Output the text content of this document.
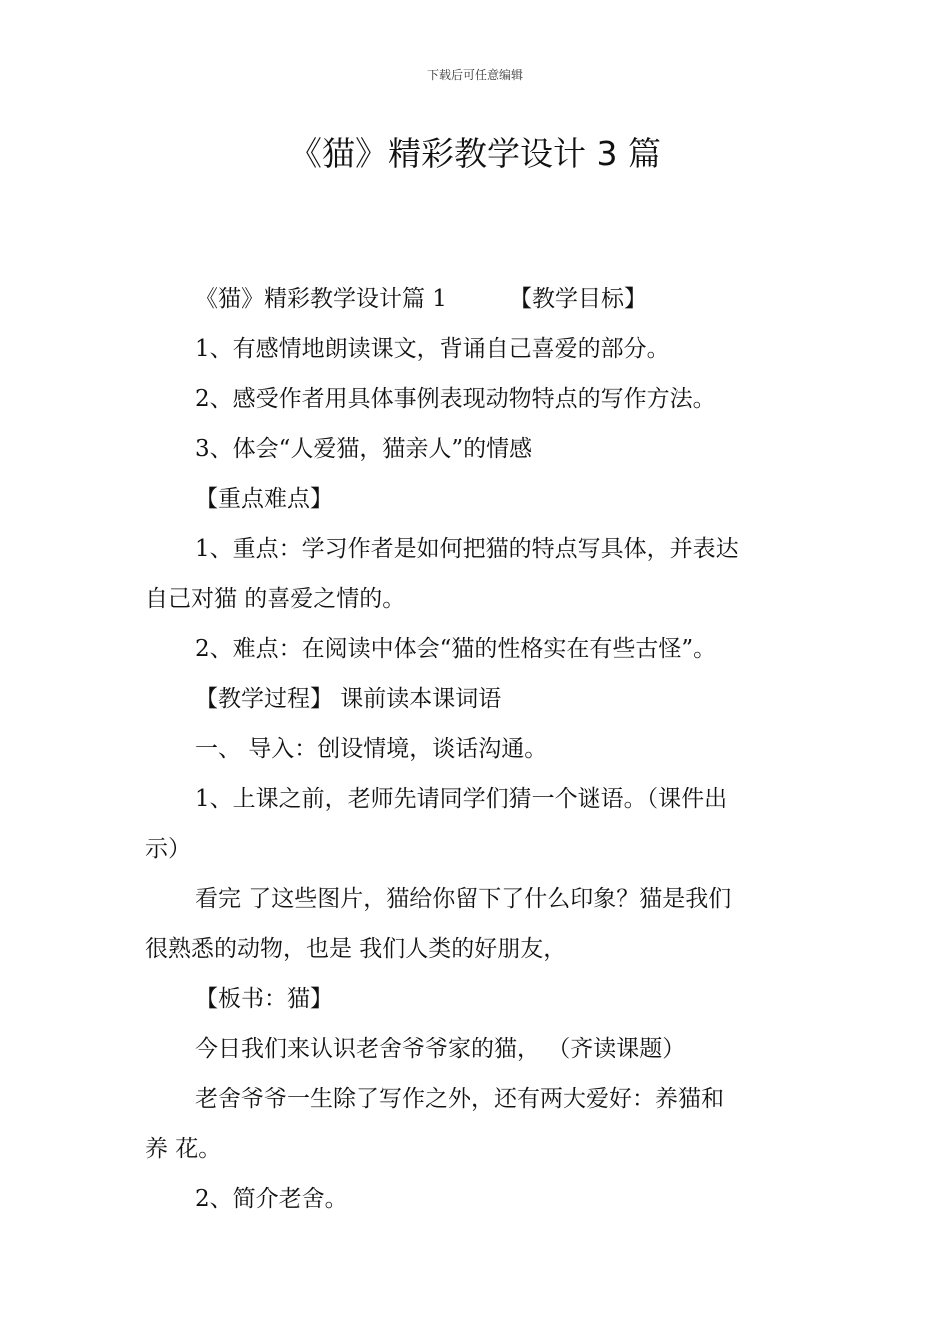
下载后可任意编辑
《猫》精彩教学设计 3 篇
《猫》精彩教学设计篇 1	【教学目标】
1、有感情地朗读课文，背诵自己喜爱的部分。
2、感受作者用具体事例表现动物特点的写作方法。
3、体会“人爱猫，猫亲人”的情感
【重点难点】
1、重点：学习作者是如何把猫的特点写具体，并表达
自己对猫 的喜爱之情的。
2、难点：在阅读中体会“猫的性格实在有些古怪”。
【教学过程】 课前读本课词语
一、 导入：创设情境，谈话沟通。
1、上课之前，老师先请同学们猜一个谜语。（课件出
示）
看完 了这些图片，猫给你留下了什么印象？猫是我们
很熟悉的动物，也是 我们人类的好朋友，
【板书：猫】
今日我们来认识老舍爷爷家的猫， （齐读课题）
老舍爷爷一生除了写作之外，还有两大爱好：养猫和
养 花。
2、简介老舍。
